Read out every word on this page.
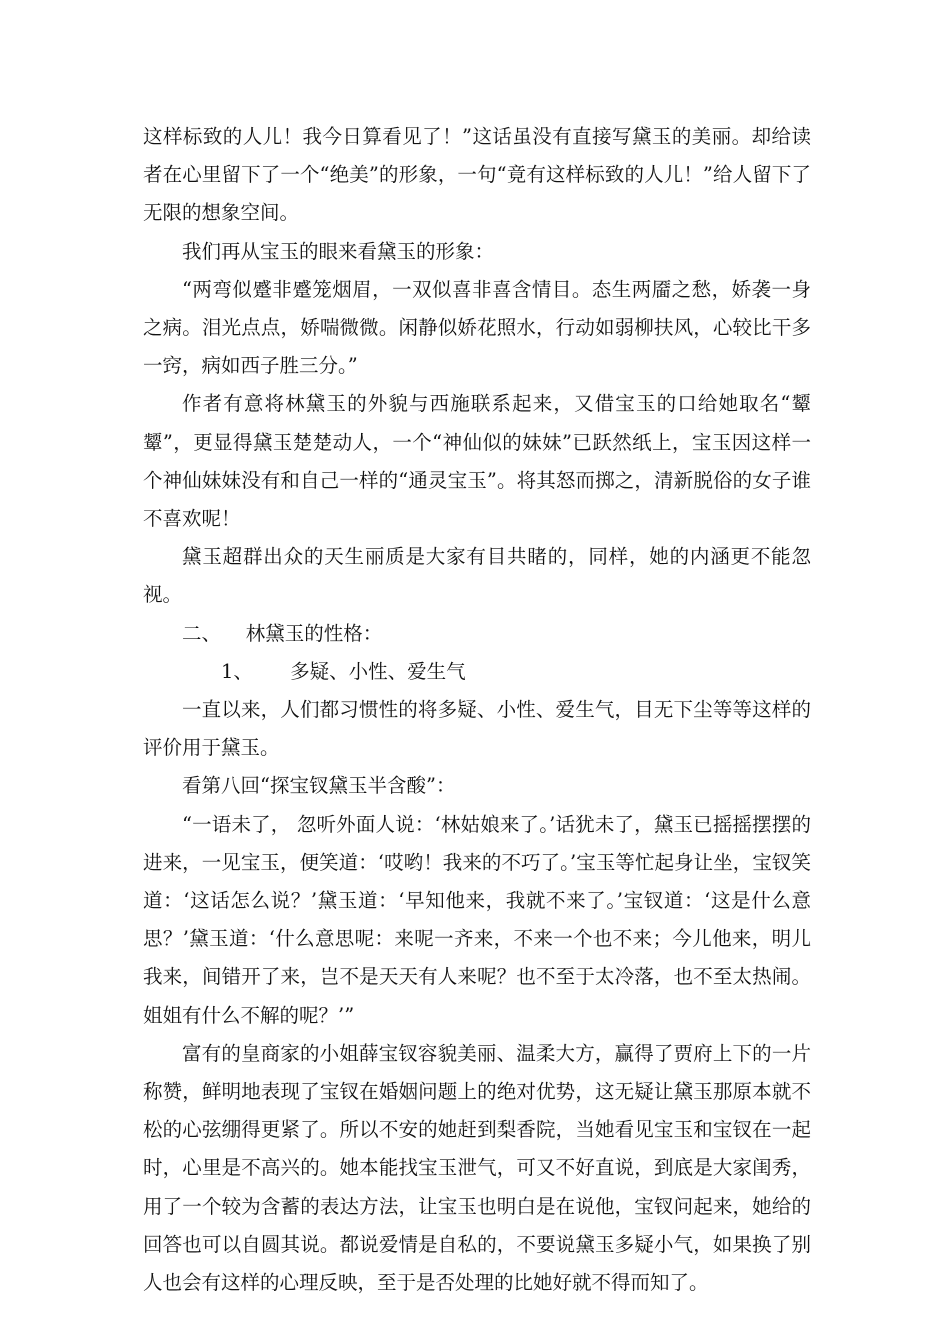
这样标致的人儿！我今日算看见了！”这话虽没有直接写黛玉的美丽。却给读者在心里留下了一个“绝美”的形象，一句“竟有这样标致的人儿！”给人留下了无限的想象空间。

我们再从宝玉的眼来看黛玉的形象：

“两弯似蹙非蹙笼烟眉，一双似喜非喜含情目。态生两靥之愁，娇袭一身之病。泪光点点，娇喘微微。闲静似娇花照水，行动如弱柳扶风，心较比干多一窍，病如西子胜三分。”

作者有意将林黛玉的外貌与西施联系起来，又借宝玉的口给她取名“颦颦”，更显得黛玉楚楚动人，一个“神仙似的妹妹”已跃然纸上，宝玉因这样一个神仙妹妹没有和自己一样的“通灵宝玉”。将其怒而掷之，清新脱俗的女子谁不喜欢呢！

黛玉超群出众的天生丽质是大家有目共睹的，同样，她的内涵更不能忽视。

二、    林黛玉的性格：

1、      多疑、小性、爱生气

一直以来，人们都习惯性的将多疑、小性、爱生气，目无下尘等等这样的评价用于黛玉。

看第八回“探宝钗黛玉半含酸”：

“一语未了， 忽听外面人说：‘林姑娘来了。’话犹未了，黛玉已摇摇摆摆的进来，一见宝玉，便笑道：‘哎哟！我来的不巧了。’宝玉等忙起身让坐，宝钗笑道：‘这话怎么说？’黛玉道：‘早知他来，我就不来了。’宝钗道：‘这是什么意思？’黛玉道：‘什么意思呢：来呢一齐来，不来一个也不来；今儿他来，明儿我来，间错开了来，岂不是天天有人来呢？也不至于太冷落，也不至太热闹。姐姐有什么不解的呢？’”

富有的皇商家的小姐薛宝钗容貌美丽、温柔大方，赢得了贾府上下的一片称赞，鲜明地表现了宝钗在婚姻问题上的绝对优势，这无疑让黛玉那原本就不松的心弦绷得更紧了。所以不安的她赶到梨香院，当她看见宝玉和宝钗在一起时，心里是不高兴的。她本能找宝玉泄气，可又不好直说，到底是大家闺秀，用了一个较为含蓄的表达方法，让宝玉也明白是在说他，宝钗问起来，她给的回答也可以自圆其说。都说爱情是自私的，不要说黛玉多疑小气，如果换了别人也会有这样的心理反映，至于是否处理的比她好就不得而知了。
